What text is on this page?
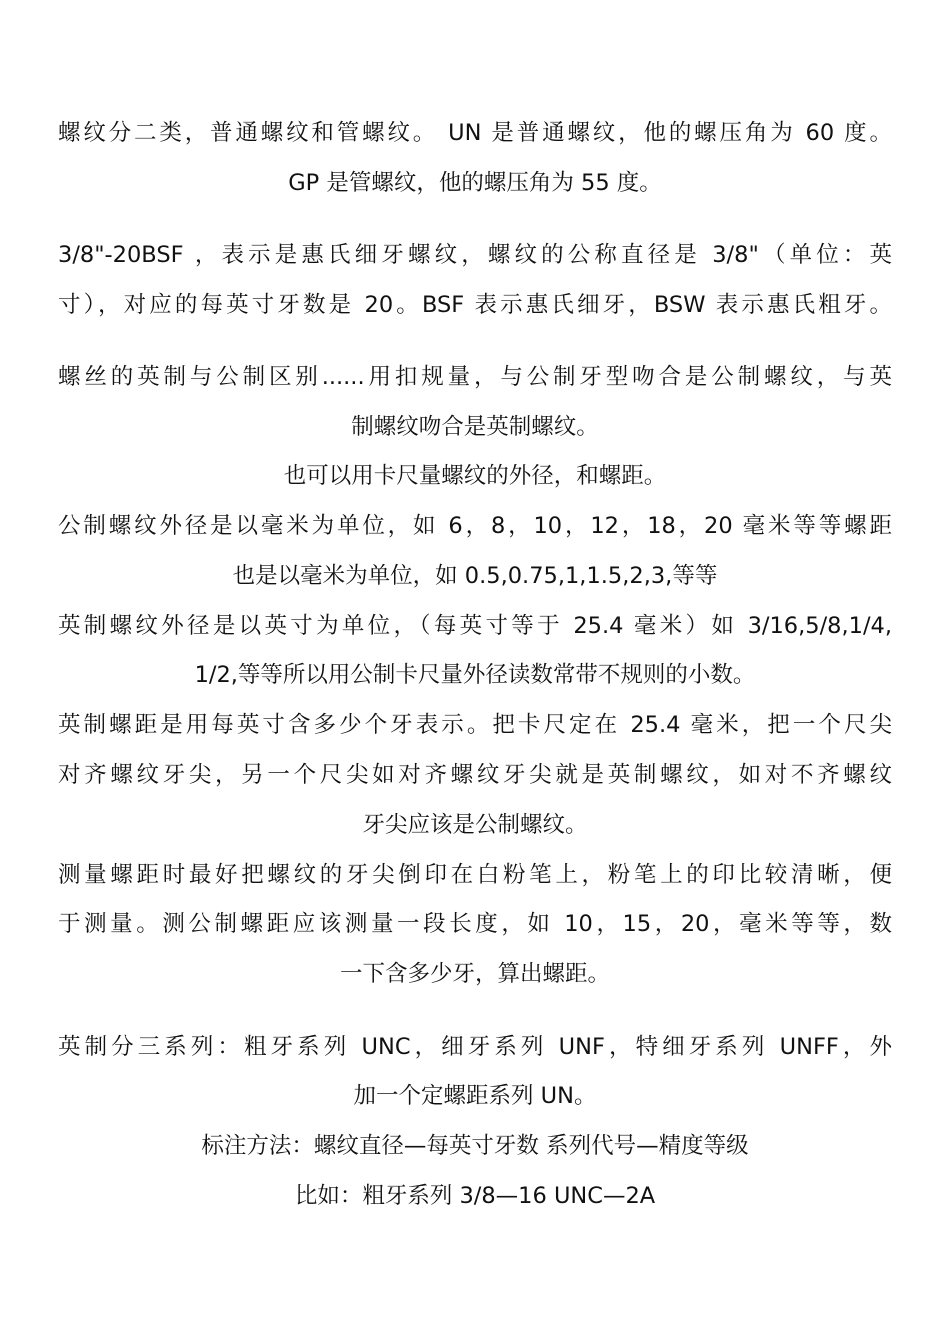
螺纹分二类，普通螺纹和管螺纹。 UN 是普通螺纹，他的螺压角为 60 度。
GP 是管螺纹，他的螺压角为 55 度。
3/8"-20BSF ，表示是惠氏细牙螺纹，螺纹的公称直径是 3/8"（单位：英
寸），对应的每英寸牙数是 20。BSF 表示惠氏细牙，BSW 表示惠氏粗牙。
螺丝的英制与公制区别......用扣规量，与公制牙型吻合是公制螺纹，与英
制螺纹吻合是英制螺纹。
也可以用卡尺量螺纹的外径，和螺距。
公制螺纹外径是以毫米为单位，如 6，8，10，12，18，20 毫米等等螺距
也是以毫米为单位，如 0.5,0.75,1,1.5,2,3,等等
英制螺纹外径是以英寸为单位，（每英寸等于 25.4 毫米）如 3/16,5/8,1/4,
1/2,等等所以用公制卡尺量外径读数常带不规则的小数。
英制螺距是用每英寸含多少个牙表示。把卡尺定在 25.4 毫米，把一个尺尖
对齐螺纹牙尖，另一个尺尖如对齐螺纹牙尖就是英制螺纹，如对不齐螺纹
牙尖应该是公制螺纹。
测量螺距时最好把螺纹的牙尖倒印在白粉笔上，粉笔上的印比较清晰，便
于测量。测公制螺距应该测量一段长度，如 10，15，20，毫米等等，数
一下含多少牙，算出螺距。
英制分三系列：粗牙系列 UNC，细牙系列 UNF，特细牙系列 UNFF，外
加一个定螺距系列 UN。
标注方法：螺纹直径—每英寸牙数 系列代号—精度等级
比如：粗牙系列 3/8—16 UNC—2A
